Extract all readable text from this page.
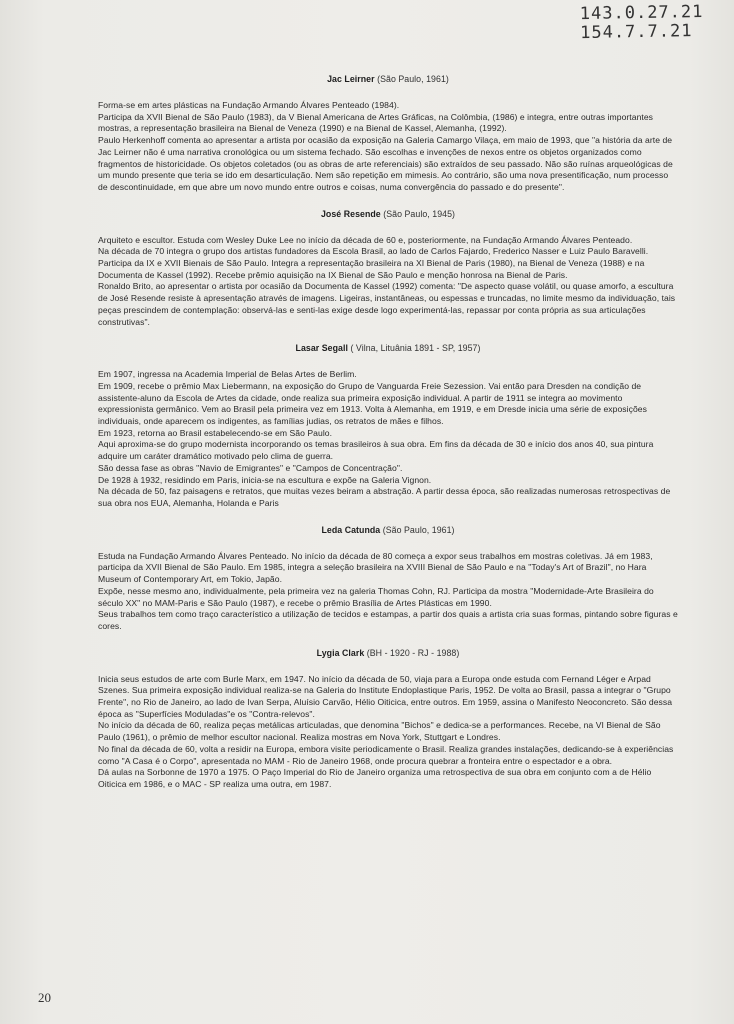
143.0.27.21
154.7.7.21
Jac Leirner (São Paulo, 1961)

Forma-se em artes plásticas na Fundação Armando Álvares Penteado (1984).

Participa da XVII Bienal de São Paulo (1983), da V Bienal Americana de Artes Gráficas, na Colômbia, (1986) e integra, entre outras importantes mostras, a representação brasileira na Bienal de Veneza (1990) e na Bienal de Kassel, Alemanha, (1992).

Paulo Herkenhoff comenta ao apresentar a artista por ocasião da exposição na Galeria Camargo Vilaça, em maio de 1993, que "a história da arte de Jac Leirner não é uma narrativa cronológica ou um sistema fechado. São escolhas e invenções de nexos entre os objetos organizados como fragmentos de historicidade. Os objetos coletados (ou as obras de arte referenciais) são extraídos de seu passado. Não são ruínas arqueológicas de um mundo presente que teria se ido em desarticulação. Nem são repetição em mimesis. Ao contrário, são uma nova presentificação, num processo de descontinuidade, em que abre um novo mundo entre outros e coisas, numa convergência do passado e do presente".

José Resende (São Paulo, 1945)

Arquiteto e escultor. Estuda com Wesley Duke Lee no início da década de 60 e, posteriormente, na Fundação Armando Álvares Penteado.

Na década de 70 integra o grupo dos artistas fundadores da Escola Brasil, ao lado de Carlos Fajardo, Frederico Nasser e Luiz Paulo Baravelli.

Participa da IX e XVII Bienais de São Paulo. Integra a representação brasileira na XI Bienal de Paris (1980), na Bienal de Veneza (1988) e na Documenta de Kassel (1992). Recebe prêmio aquisição na IX Bienal de São Paulo e menção honrosa na Bienal de Paris.

Ronaldo Brito, ao apresentar o artista por ocasião da Documenta de Kassel (1992) comenta: "De aspecto quase volátil, ou quase amorfo, a escultura de José Resende resiste à apresentação através de imagens. Ligeiras, instantâneas, ou espessas e truncadas, no limite mesmo da individuação, tais peças prescindem de contemplação: observá-las e senti-las exige desde logo experimentá-las, repassar por conta própria as sua articulações construtivas".

Lasar Segall ( Vilna, Lituânia 1891 - SP, 1957)

Em 1907, ingressa na Academia Imperial de Belas Artes de Berlim.

Em 1909, recebe o prêmio Max Liebermann, na exposição do Grupo de Vanguarda Freie Sezession. Vai então para Dresden na condição de assistente-aluno da Escola de Artes da cidade, onde realiza sua primeira exposição individual. A partir de 1911 se integra ao movimento expressionista germânico. Vem ao Brasil pela primeira vez em 1913. Volta à Alemanha, em 1919, e em Dresde inicia uma série de exposições individuais, onde aparecem os indigentes, as famílias judias, os retratos de mães e filhos.

Em 1923, retorna ao Brasil estabelecendo-se em São Paulo.

Aqui aproxima-se do grupo modernista incorporando os temas brasileiros à sua obra. Em fins da década de 30 e início dos anos 40, sua pintura adquire um caráter dramático motivado pelo clima de guerra.

São dessa fase as obras "Navio de Emigrantes" e "Campos de Concentração".

De 1928 à 1932, residindo em Paris, inicia-se na escultura e expõe na Galeria Vignon.

Na década de 50, faz paisagens e retratos, que muitas vezes beiram a abstração. A partir dessa época, são realizadas numerosas retrospectivas de sua obra nos EUA, Alemanha, Holanda e Paris

Leda Catunda (São Paulo, 1961)

Estuda na Fundação Armando Álvares Penteado. No início da década de 80 começa a expor seus trabalhos em mostras coletivas. Já em 1983, participa da XVII Bienal de São Paulo. Em 1985, integra a seleção brasileira na XVIII Bienal de São Paulo e na "Today's Art of Brazil", no Hara Museum of Contemporary Art, em Tokio, Japão.

Expõe, nesse mesmo ano, individualmente, pela primeira vez na galeria Thomas Cohn, RJ. Participa da mostra "Modernidade-Arte Brasileira do século XX" no MAM-Paris e São Paulo (1987), e recebe o prêmio Brasília de Artes Plásticas em 1990.

Seus trabalhos tem como traço característico a utilização de tecidos e estampas, a partir dos quais a artista cria suas formas, pintando sobre figuras e cores.

Lygia Clark (BH - 1920 - RJ - 1988)

Inicia seus estudos de arte com Burle Marx, em 1947. No início da década de 50, viaja para a Europa onde estuda com Fernand Léger e Arpad Szenes. Sua primeira exposição individual realiza-se na Galeria do Institute Endoplastique Paris, 1952. De volta ao Brasil, passa a integrar o "Grupo Frente", no Rio de Janeiro, ao lado de Ivan Serpa, Aluísio Carvão, Hélio Oiticica, entre outros. Em 1959, assina o Manifesto Neoconcreto. São dessa época as "Superfícies Moduladas"e os "Contra-relevos".

No início da década de 60, realiza peças metálicas articuladas, que denomina "Bichos" e dedica-se a performances. Recebe, na VI Bienal de São Paulo (1961), o prêmio de melhor escultor nacional. Realiza mostras em Nova York, Stuttgart e Londres.

No final da década de 60, volta a residir na Europa, embora visite periodicamente o Brasil. Realiza grandes instalações, dedicando-se à experiências como "A Casa é o Corpo", apresentada no MAM - Rio de Janeiro 1968, onde procura quebrar a fronteira entre o espectador e a obra.

Dá aulas na Sorbonne de 1970 a 1975. O Paço Imperial do Rio de Janeiro organiza uma retrospectiva de sua obra em conjunto com a de Hélio Oiticica em 1986, e o MAC - SP realiza uma outra, em 1987.

20
